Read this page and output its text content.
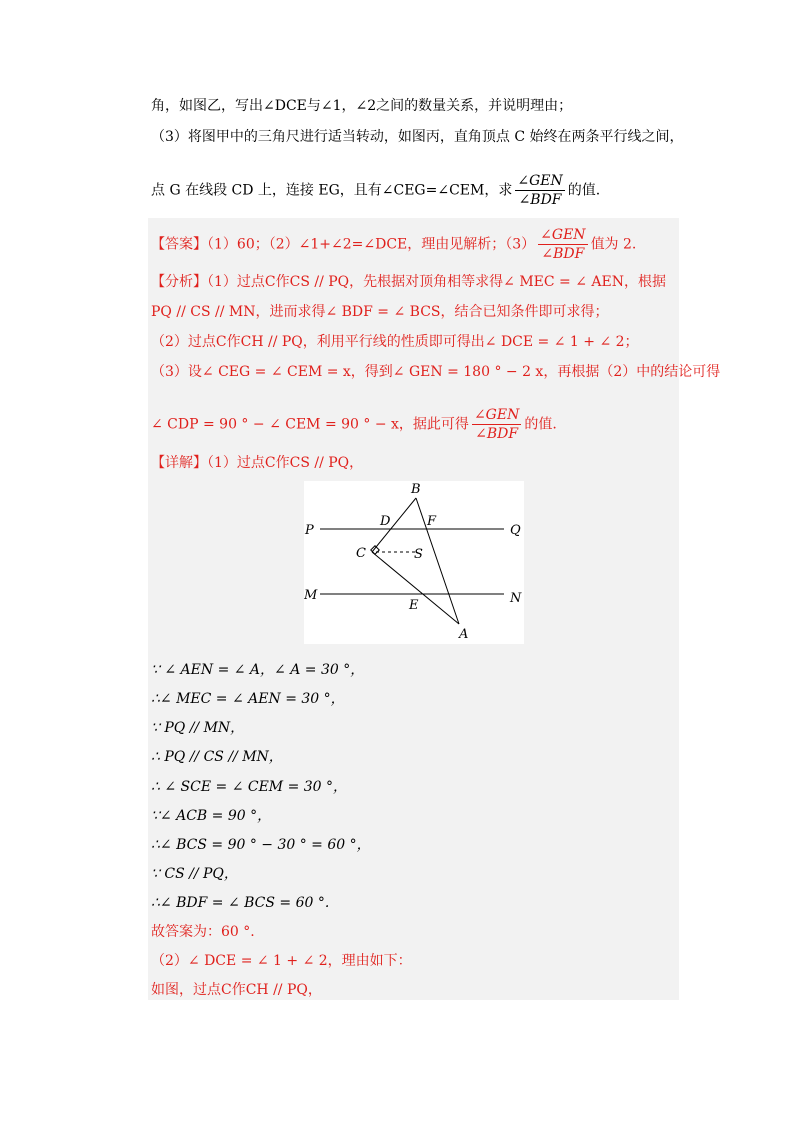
角，如图乙，写出∠DCE与∠1，∠2之间的数量关系，并说明理由；
（3）将图甲中的三角尺进行适当转动，如图丙，直角顶点 C 始终在两条平行线之间，
点 G 在线段 CD 上，连接 EG，且有∠CEG=∠CEM，求 $\frac{\text{∠GEN}}{\text{∠BDF}}$ 的值.
【答案】（1）60；（2）∠1+∠2=∠DCE，理由见解析；$(3) \frac{\text{∠GEN}}{\text{∠BDF}}$ 值为 2.
【分析】（1）过点C作CS // PQ，先根据对顶角相等求得∠ MEC = ∠ AEN，根据
PQ // CS // MN，进而求得∠ BDF = ∠ BCS，结合已知条件即可求得；
（2）过点C作CH // PQ，利用平行线的性质即可得出∠ DCE = ∠ 1 + ∠ 2；
（3）设∠ CEG = ∠ CEM = x，得到∠ GEN = 180 ° − 2 x，再根据（2）中的结论可得
∠ CDP = 90 ° − ∠ CEM = 90 ° − x，据此可得 $\frac{\text{∠GEN}}{\text{∠BDF}}$ 的值.
【详解】（1）过点C作CS // PQ，
B
P
D	F
Q
C	S
M	N
E
A
∵ ∠ AEN = ∠ A，∠ A = 30 °，
∴∠ MEC = ∠ AEN = 30 °，
∵ PQ // MN，
∴ PQ // CS // MN，
∴ ∠ SCE = ∠ CEM = 30 °，
∵∠ ACB = 90 °，
∴∠ BCS = 90 ° − 30 ° = 60 °，
∵ CS // PQ，
∴∠ BDF = ∠ BCS = 60 °.
故答案为：60 °.
（2）∠ DCE = ∠ 1 + ∠ 2，理由如下：
如图，过点C作CH // PQ，
